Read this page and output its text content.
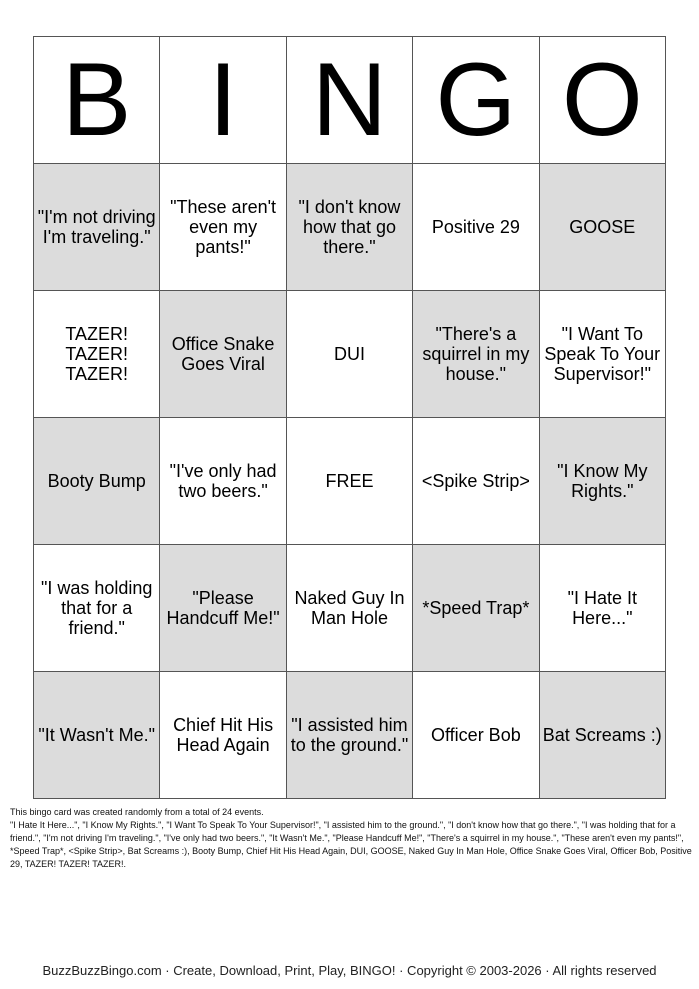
B	I	N	G	O
"I'm not driving I'm traveling."	"These aren't even my pants!"	"I don't know how that go there."	Positive 29	GOOSE
TAZER! TAZER! TAZER!	Office Snake Goes Viral	DUI	"There's a squirrel in my house."	"I Want To Speak To Your Supervisor!"
Booty Bump	"I've only had two beers."	FREE	<Spike Strip>	"I Know My Rights."
"I was holding that for a friend."	"Please Handcuff Me!"	Naked Guy In Man Hole	*Speed Trap*	"I Hate It Here..."
"It Wasn't Me."	Chief Hit His Head Again	"I assisted him to the ground."	Officer Bob	Bat Screams :)

This bingo card was created randomly from a total of 24 events.

"I Hate It Here...", "I Know My Rights.", "I Want To Speak To Your Supervisor!", "I assisted him to the ground.", "I don't know how that go there.", "I was holding that for a friend.", "I'm not driving I'm traveling.", "I've only had two beers.", "It Wasn't Me.", "Please Handcuff Me!", "There's a squirrel in my house.", "These aren't even my pants!", *Speed Trap*, <Spike Strip>, Bat Screams :), Booty Bump, Chief Hit His Head Again, DUI, GOOSE, Naked Guy In Man Hole, Office Snake Goes Viral, Officer Bob, Positive 29, TAZER! TAZER! TAZER!.

BuzzBuzzBingo.com · Create, Download, Print, Play, BINGO! · Copyright © 2003-2026 · All rights reserved
